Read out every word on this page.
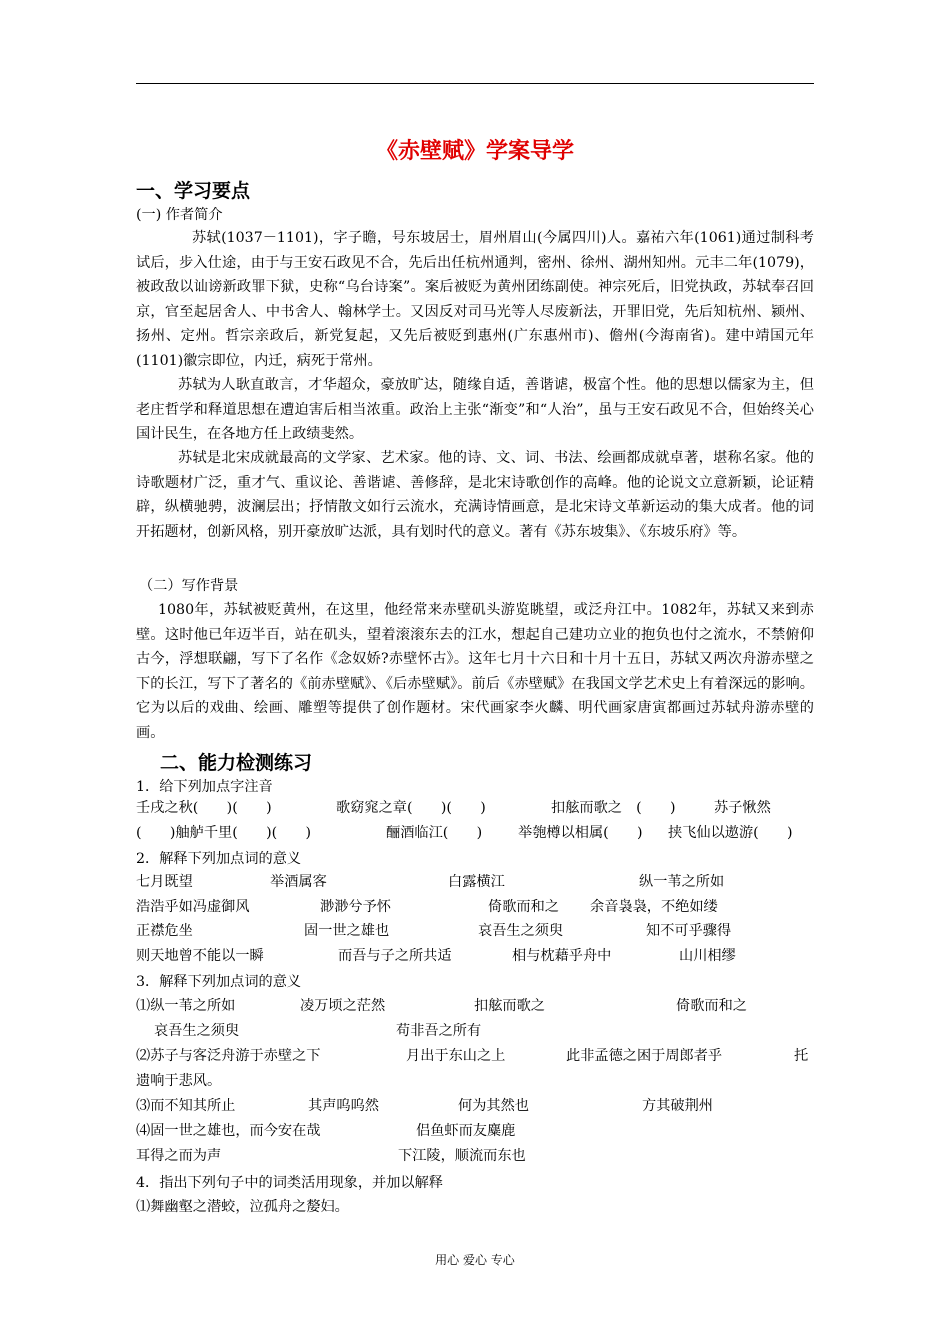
《赤壁赋》学案导学
一、学习要点
(一) 作者简介
苏轼(1037－1101)，字子瞻，号东坡居士，眉州眉山(今属四川)人。嘉祐六年(1061)通过制科考试后，步入仕途，由于与王安石政见不合，先后出任杭州通判，密州、徐州、湖州知州。元丰二年(1079)，被政敌以讪谤新政罪下狱，史称“乌台诗案”。案后被贬为黄州团练副使。神宗死后，旧党执政，苏轼奉召回京，官至起居舍人、中书舍人、翰林学士。又因反对司马光等人尽废新法，开罪旧党，先后知杭州、颍州、扬州、定州。哲宗亲政后，新党复起，又先后被贬到惠州(广东惠州市)、儋州(今海南省)。建中靖国元年(1101)徽宗即位，内迁，病死于常州。
苏轼为人耿直敢言，才华超众，豪放旷达，随缘自适，善谐谑，极富个性。他的思想以儒家为主，但老庄哲学和释道思想在遭迫害后相当浓重。政治上主张“渐变”和“人治”，虽与王安石政见不合，但始终关心国计民生，在各地方任上政绩斐然。
苏轼是北宋成就最高的文学家、艺术家。他的诗、文、词、书法、绘画都成就卓著，堪称名家。他的诗歌题材广泛，重才气、重议论、善谐谑、善修辞，是北宋诗歌创作的高峰。他的论说文立意新颖，论证精辟，纵横驰骋，波澜层出；抒情散文如行云流水，充满诗情画意，是北宋诗文革新运动的集大成者。他的词开拓题材，创新风格，别开豪放旷达派，具有划时代的意义。著有《苏东坡集》、《东坡乐府》等。
（二）写作背景
1080年，苏轼被贬黄州，在这里，他经常来赤壁矶头游览眺望，或泛舟江中。1082年，苏轼又来到赤壁。这时他已年迈半百，站在矶头，望着滚滚东去的江水，想起自己建功立业的抱负也付之流水，不禁俯仰古今，浮想联翩，写下了名作《念奴娇?赤壁怀古》。这年七月十六日和十月十五日，苏轼又两次舟游赤壁之下的长江，写下了著名的《前赤壁赋》、《后赤壁赋》。前后《赤壁赋》在我国文学艺术史上有着深远的影响。它为以后的戏曲、绘画、雕塑等提供了创作题材。宋代画家李火麟、明代画家唐寅都画过苏轼舟游赤壁的画。
二、能力检测练习
1．给下列加点字注音
壬戌之秋(　　)(　　)	歌窈窕之章(　　)(　　)	扣舷而歌之　(　　)	苏子愀然
(　　)舳舻千里(　　)(　　)	酾酒临江(　　)	举匏樽以相属(　　) 挟飞仙以遨游(　　)
2．解释下列加点词的意义
七月既望	举酒属客	白露横江	纵一苇之所如
浩浩乎如冯虚御风	渺渺兮予怀	倚歌而和之 余音袅袅，不绝如缕
正襟危坐	固一世之雄也	哀吾生之须臾	知不可乎骤得
则天地曾不能以一瞬	而吾与子之所共适	相与枕藉乎舟中	山川相缪
3．解释下列加点词的意义
⑴纵一苇之所如	凌万顷之茫然	扣舷而歌之	倚歌而和之
哀吾生之须臾	苟非吾之所有
⑵苏子与客泛舟游于赤壁之下	月出于东山之上	此非孟德之困于周郎者乎	托
遗响于悲风。
⑶而不知其所止	其声呜呜然	何为其然也	方其破荆州
⑷固一世之雄也，而今安在哉	侣鱼虾而友麋鹿
耳得之而为声	下江陵，顺流而东也
4．指出下列句子中的词类活用现象，并加以解释
⑴舞幽壑之潜蛟，泣孤舟之嫠妇。
用心 爱心 专心
